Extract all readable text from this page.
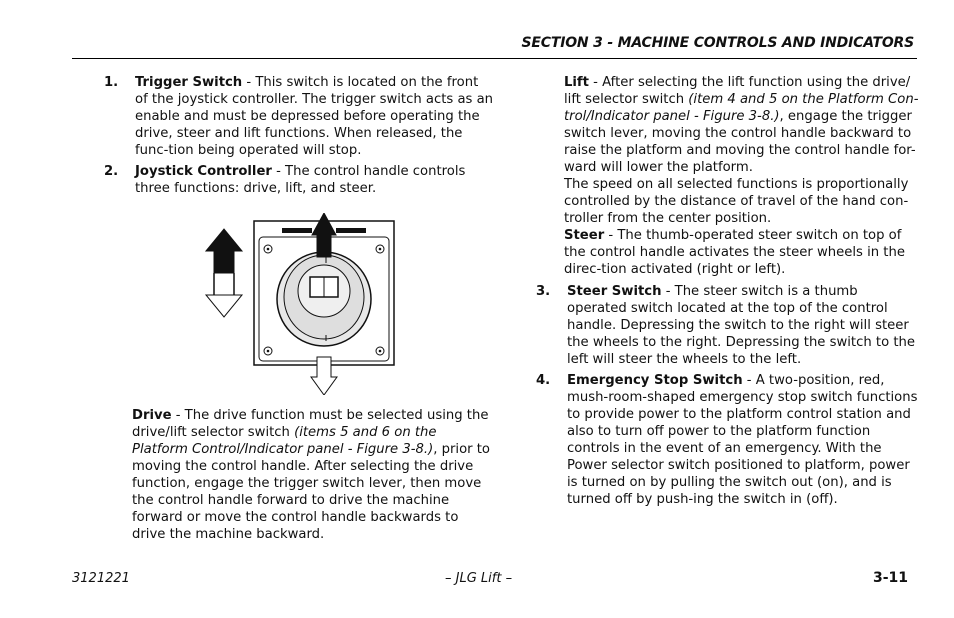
SECTION 3 - MACHINE CONTROLS AND INDICATORS
1.	Trigger Switch - This switch is located on the front of the joystick controller. The trigger switch acts as an enable and must be depressed before operating the drive, steer and lift functions. When released, the func-tion being operated will stop.

2.	Joystick Controller - The control handle controls three functions: drive, lift, and steer.

Drive - The drive function must be selected using the drive/lift selector switch (items 5 and 6 on the Platform Control/Indicator panel - Figure 3-8.), prior to moving the control handle. After selecting the drive function, engage the trigger switch lever, then move the control handle forward to drive the machine forward or move the control handle backwards to drive the machine backward.

Lift - After selecting the lift function using the drive/ lift selector switch (item 4 and 5 on the Platform Con-trol/Indicator panel - Figure 3-8.), engage the trigger switch lever, moving the control handle backward to raise the platform and moving the control handle for-ward will lower the platform.

The speed on all selected functions is proportionally controlled by the distance of travel of the hand con-troller from the center position.

Steer - The thumb-operated steer switch on top of the control handle activates the steer wheels in the direc-tion activated (right or left).

3.	Steer Switch - The steer switch is a thumb operated switch located at the top of the control handle. Depressing the switch to the right will steer the wheels to the right. Depressing the switch to the left will steer the wheels to the left.

4.	Emergency Stop Switch - A two-position, red, mush-room-shaped emergency stop switch functions to provide power to the platform control station and also to turn off power to the platform function controls in the event of an emergency. With the Power selector switch positioned to platform, power is turned on by pulling the switch out (on), and is turned off by push-ing the switch in (off).

3121221	– JLG Lift –	3-11
